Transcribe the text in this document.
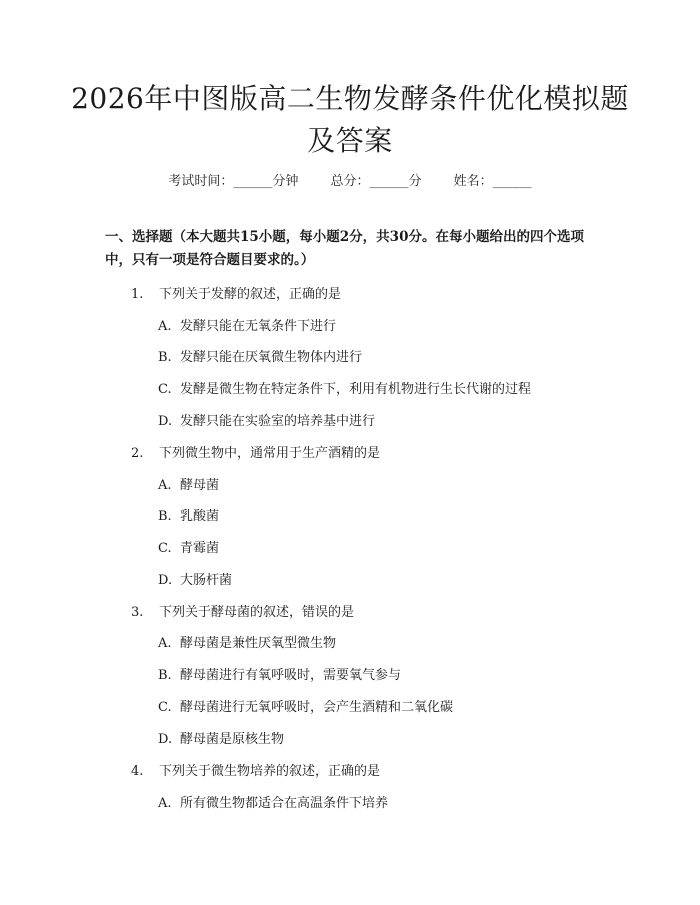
2026年中图版高二生物发酵条件优化模拟题
及答案
考试时间：______分钟 总分：______分 姓名：______
一、选择题（本大题共15小题，每小题2分，共30分。在每小题给出的四个选项中，只有一项是符合题目要求的。）
1. 下列关于发酵的叙述，正确的是
A. 发酵只能在无氧条件下进行
B. 发酵只能在厌氧微生物体内进行
C. 发酵是微生物在特定条件下，利用有机物进行生长代谢的过程
D. 发酵只能在实验室的培养基中进行
2. 下列微生物中，通常用于生产酒精的是
A. 酵母菌
B. 乳酸菌
C. 青霉菌
D. 大肠杆菌
3. 下列关于酵母菌的叙述，错误的是
A. 酵母菌是兼性厌氧型微生物
B. 酵母菌进行有氧呼吸时，需要氧气参与
C. 酵母菌进行无氧呼吸时，会产生酒精和二氧化碳
D. 酵母菌是原核生物
4. 下列关于微生物培养的叙述，正确的是
A. 所有微生物都适合在高温条件下培养
